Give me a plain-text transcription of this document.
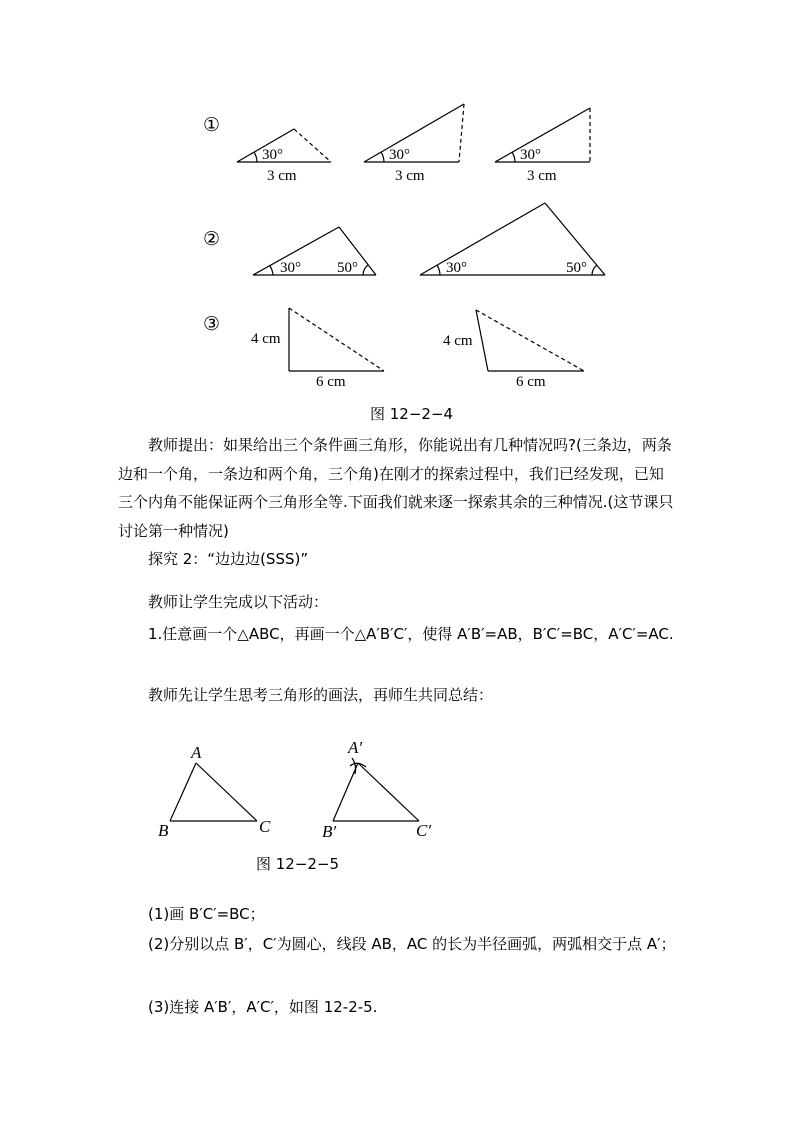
①
②
③
30°
3 cm
30°
3 cm
30°
3 cm
30° 50°	30°	50°
4 cm
6 cm
4 cm
6 cm
A
B	C
A′
B′	C′
图 12−2−4

教师提出：如果给出三个条件画三角形，你能说出有几种情况吗?(三条边，两条边和一个角，一条边和两个角，三个角)在刚才的探索过程中，我们已经发现，已知三个内角不能保证两个三角形全等.下面我们就来逐一探索其余的三种情况.(这节课只讨论第一种情况)

探究 2：“边边边(SSS)”

教师让学生完成以下活动：

1.任意画一个△ABC，再画一个△A′B′C′，使得 A′B′=AB，B′C′=BC，A′C′=AC.

教师先让学生思考三角形的画法，再师生共同总结：

图 12−2−5

(1)画 B′C′=BC；

(2)分别以点 B′，C′为圆心，线段 AB，AC 的长为半径画弧，两弧相交于点 A′；

(3)连接 A′B′，A′C′，如图 12-2-5.
